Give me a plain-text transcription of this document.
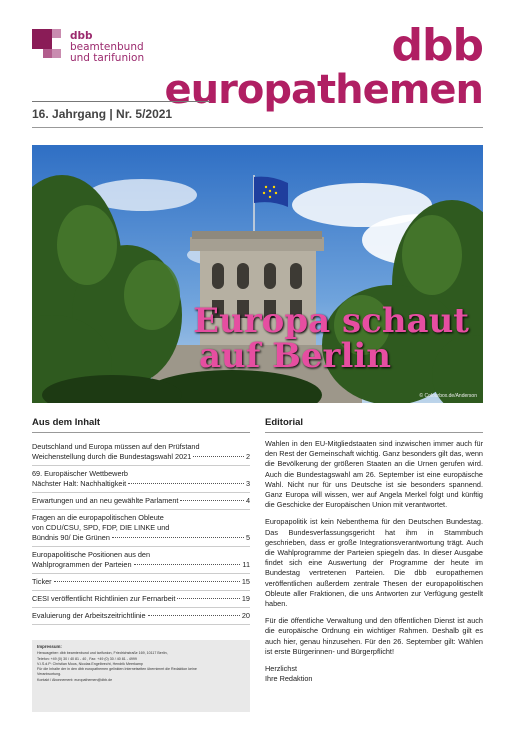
dbb
beamtenbund
und tarifunion	dbb
europathemen
16. Jahrgang | Nr. 5/2021
Europa schaut
auf Berlin
© Colourbox.de/Anderson
Aus dem Inhalt
Deutschland und Europa müssen auf den Prüfstand
Weichenstellung durch die Bundestagswahl 2021	2
69. Europäischer Wettbewerb
Nächster Halt: Nachhaltigkeit	3
Erwartungen und an neu gewählte Parlament	4
Fragen an die europapolitischen Obleute
von CDU/CSU, SPD, FDP, DIE LINKE und
Bündnis 90/ Die Grünen	5
Europapolitische Positionen aus den
Wahlprogrammen der Parteien	11
Ticker	15
CESI veröffentlicht Richtlinien zur Fernarbeit	19
Evaluierung der Arbeitszeitrichtlinie	20
Impressum:
Herausgeber: dbb beamtenbund und tarifunion, Friedrichstraße 169, 10117 Berlin,
Telefon: +49 (0) 30 / 40 81 - 40 , Fax: +49 (0) 30 / 40 81 - 4999
V.i.S.d.P: Christian Moos, Nicolas Engelbrecht, Hendrik Meerkamp
Für die Inhalte der in den dbb europathemen gelinkten Internetseiten übernimmt die Redaktion keine
Verantwortung.
Kontakt / Abonnement: europathemen@dbb.de
Editorial

Wahlen in den EU-Mitgliedstaaten sind inzwischen immer auch für den Rest der Gemeinschaft wichtig. Ganz besonders gilt das, wenn die Bevölkerung der größeren Staaten an die Urnen gerufen wird. Auch die Bundestagswahl am 26. September ist eine europäische Wahl. Nicht nur für uns Deutsche ist sie besonders spannend. Ganz Europa will wissen, wer auf Angela Merkel folgt und künftig die Geschicke der Europäischen Union mit verantwortet.

Europapolitik ist kein Nebenthema für den Deutschen Bundestag. Das Bundesverfassungsgericht hat ihm in Stammbuch geschrieben, dass er große Integrationsverantwortung trägt. Auch die Wahlprogramme der Parteien spiegeln das. In dieser Ausgabe findet sich eine Auswertung der Programme der heute im Bundestag vertretenen Parteien. Die dbb europathemen veröffentlichen außerdem zentrale Thesen der europapolitischen Obleute aller Fraktionen, die uns Antworten zur Verfügung gestellt haben.

Für die öffentliche Verwaltung und den öffentlichen Dienst ist auch die europäische Ordnung ein wichtiger Rahmen. Deshalb gilt es auch hier, genau hinzusehen. Für den 26. September gilt: Wählen ist erste Bürgerinnen- und Bürgerpflicht!

Herzlichst
Ihre Redaktion
